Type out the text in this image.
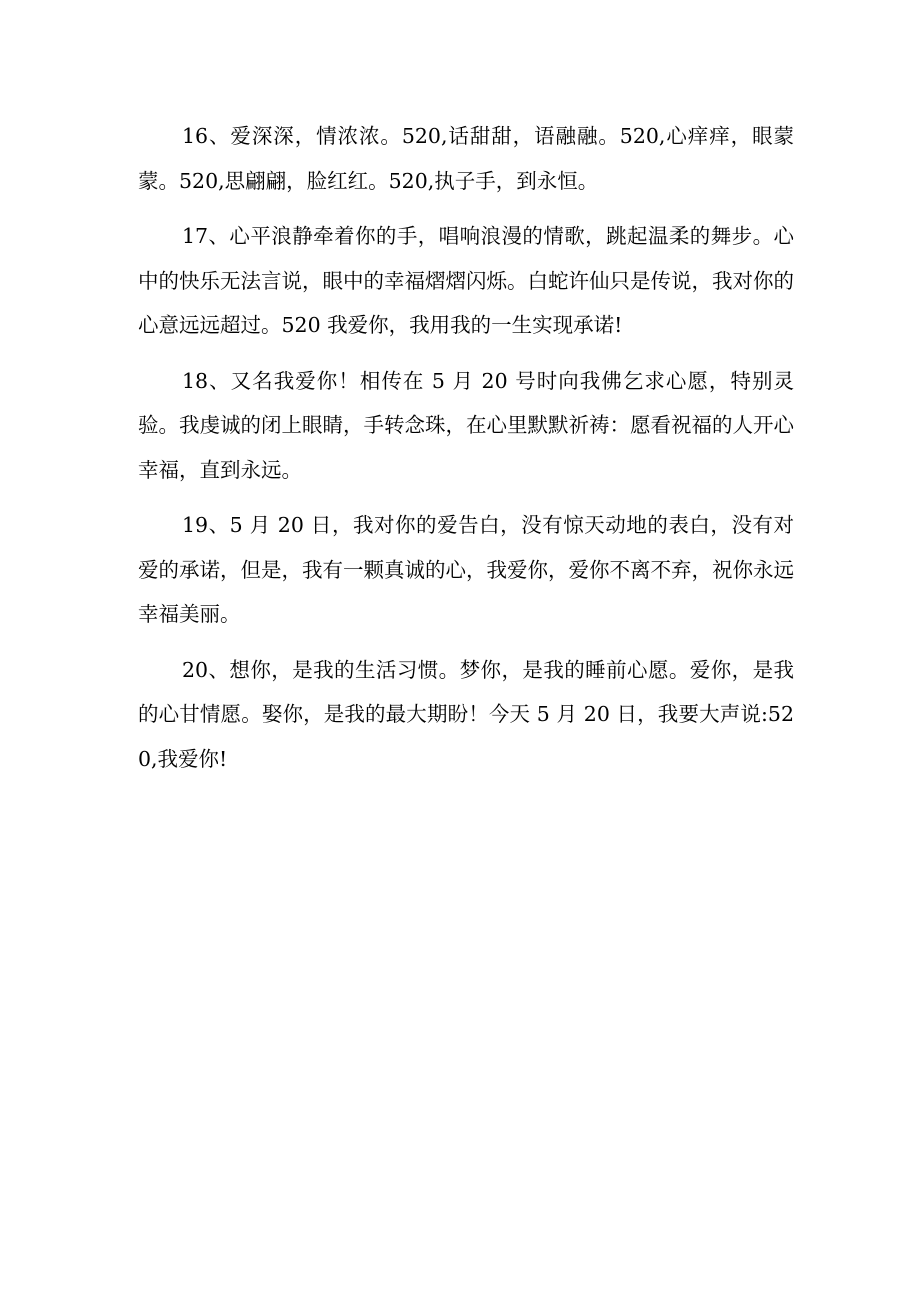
16、爱深深，情浓浓。520,话甜甜，语融融。520,心痒痒，眼蒙蒙。520,思翩翩，脸红红。520,执子手，到永恒。

17、心平浪静牵着你的手，唱响浪漫的情歌，跳起温柔的舞步。心中的快乐无法言说，眼中的幸福熠熠闪烁。白蛇许仙只是传说，我对你的心意远远超过。520 我爱你，我用我的一生实现承诺!

18、又名我爱你！相传在 5 月 20 号时向我佛乞求心愿，特别灵验。我虔诚的闭上眼睛，手转念珠，在心里默默祈祷：愿看祝福的人开心幸福，直到永远。

19、5 月 20 日，我对你的爱告白，没有惊天动地的表白，没有对爱的承诺，但是，我有一颗真诚的心，我爱你，爱你不离不弃，祝你永远幸福美丽。

20、想你，是我的生活习惯。梦你，是我的睡前心愿。爱你，是我的心甘情愿。娶你，是我的最大期盼！今天 5 月 20 日，我要大声说:520,我爱你!
